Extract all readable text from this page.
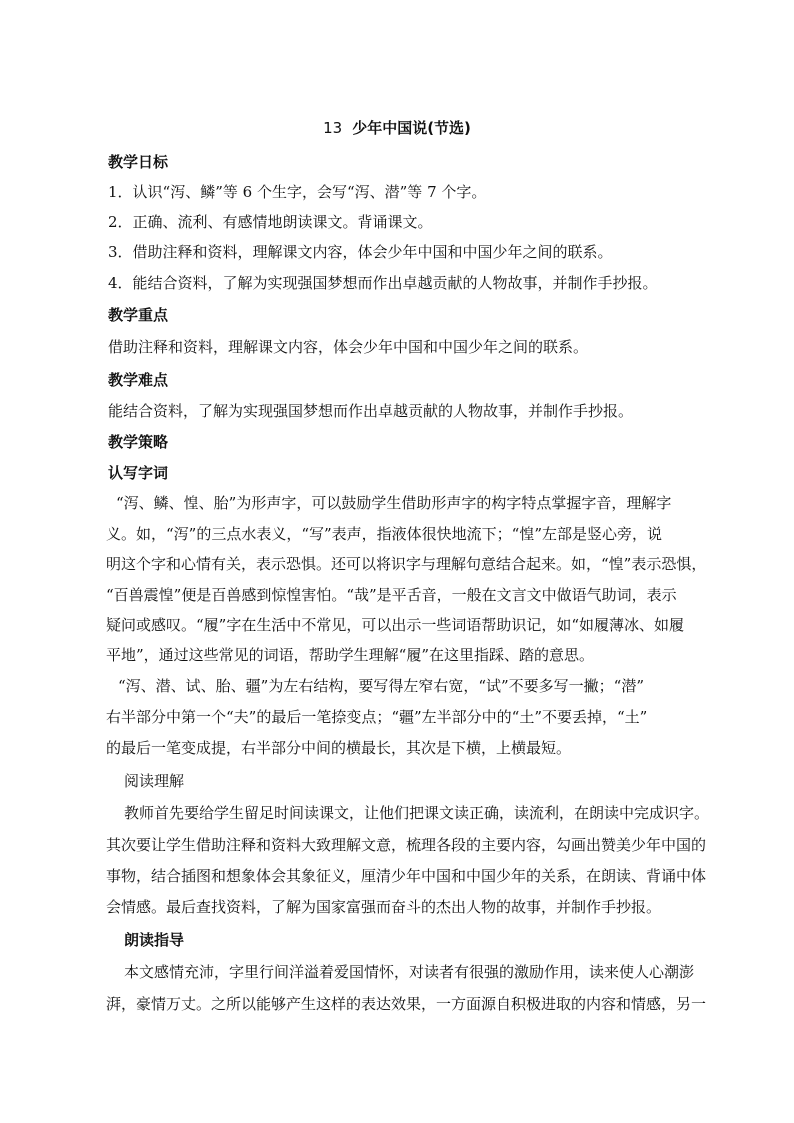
13 少年中国说(节选)
教学日标
1．认识“泻、鳞”等 6 个生字，会写“泻、潜”等 7 个字。
2．正确、流利、有感情地朗读课文。背诵课文。
3．借助注释和资料，理解课文内容，体会少年中国和中国少年之间的联系。
4．能结合资料，了解为实现强国梦想而作出卓越贡献的人物故事，并制作手抄报。
教学重点
借助注释和资料，理解课文内容，体会少年中国和中国少年之间的联系。
教学难点
能结合资料，了解为实现强国梦想而作出卓越贡献的人物故事，并制作手抄报。
教学策略
认写字词
“泻、鳞、惶、胎”为形声字，可以鼓励学生借助形声字的构字特点掌握字音，理解字
义。如，“泻”的三点水表义，“写”表声，指液体很快地流下；“惶”左部是竖心旁，说
明这个字和心情有关，表示恐惧。还可以将识字与理解句意结合起来。如，“惶”表示恐惧，
“百兽震惶”便是百兽感到惊惶害怕。“哉”是平舌音，一般在文言文中做语气助词，表示
疑问或感叹。“履”字在生活中不常见，可以出示一些词语帮助识记，如“如履薄冰、如履
平地”，通过这些常见的词语，帮助学生理解“履”在这里指踩、踏的意思。
“泻、潜、试、胎、疆”为左右结构，要写得左窄右宽，“试”不要多写一撇；“潜”
右半部分中第一个“夫”的最后一笔捺变点；“疆”左半部分中的“土”不要丢掉，“土”
的最后一笔变成提，右半部分中间的横最长，其次是下横，上横最短。
阅读理解
教师首先要给学生留足时间读课文，让他们把课文读正确，读流利，在朗读中完成识字。
其次要让学生借助注释和资料大致理解文意，梳理各段的主要内容，勾画出赞美少年中国的
事物，结合插图和想象体会其象征义，厘清少年中国和中国少年的关系，在朗读、背诵中体
会情感。最后查找资料，了解为国家富强而奋斗的杰出人物的故事，并制作手抄报。
朗读指导
本文感情充沛，字里行间洋溢着爱国情怀，对读者有很强的激励作用，读来使人心潮澎
湃，豪情万丈。之所以能够产生这样的表达效果，一方面源自积极进取的内容和情感，另一
